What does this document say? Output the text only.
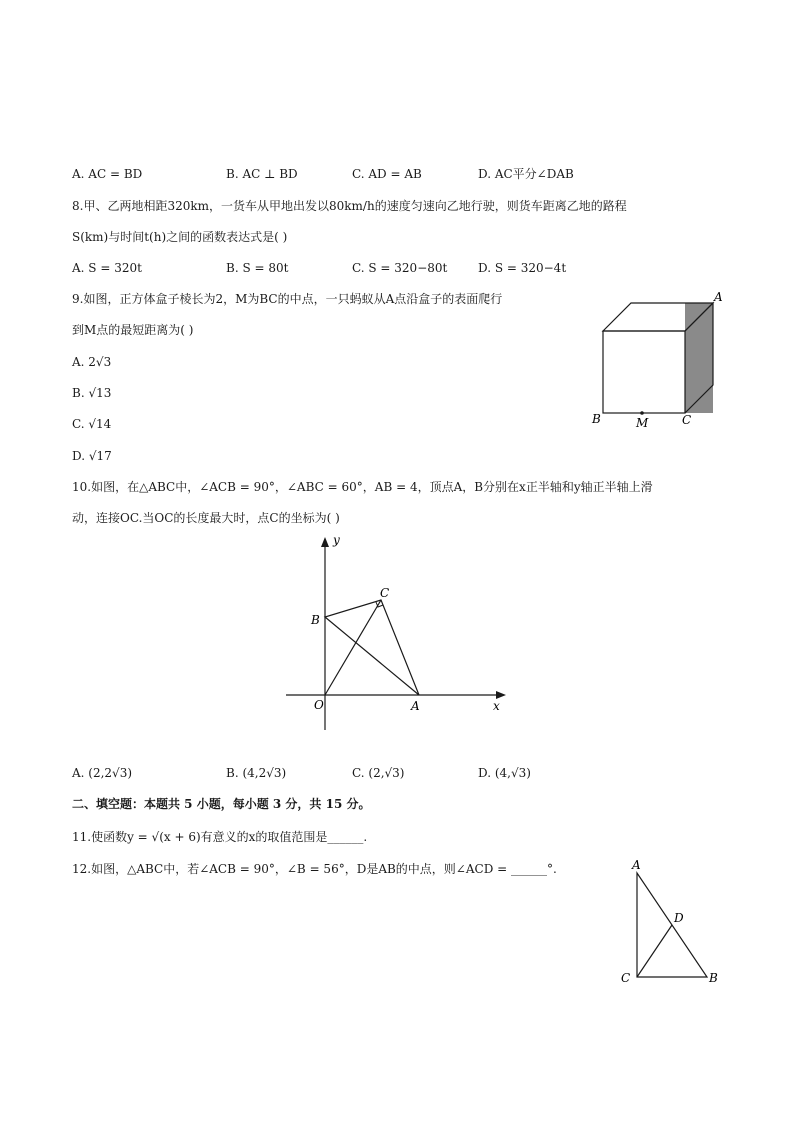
A. AC = BD	B. AC ⊥ BD	C. AD = AB	D. AC平分∠DAB
8.甲、乙两地相距320km，一货车从甲地出发以80km/h的速度匀速向乙地行驶，则货车距离乙地的路程
S(km)与时间t(h)之间的函数表达式是( )
A. S = 320t	B. S = 80t	C. S = 320−80t	D. S = 320−4t
9.如图，正方体盒子棱长为2，M为BC的中点，一只蚂蚁从A点沿盒子的表面爬行
到M点的最短距离为( )
A. 2√3
B. √13
C. √14
D. √17
A
B	M	C
10.如图，在△ABC中，∠ACB = 90°，∠ABC = 60°，AB = 4，顶点A，B分别在x正半轴和y轴正半轴上滑
动，连接OC.当OC的长度最大时，点C的坐标为( )
y
x
O	A
B
C
A. (2,2√3)	B. (4,2√3)	C. (2,√3)	D. (4,√3)
二、填空题：本题共 5 小题，每小题 3 分，共 15 分。
11.使函数y = √(x + 6)有意义的x的取值范围是______.
12.如图，△ABC中，若∠ACB = 90°，∠B = 56°，D是AB的中点，则∠ACD = ______°.	A
D
C	B
